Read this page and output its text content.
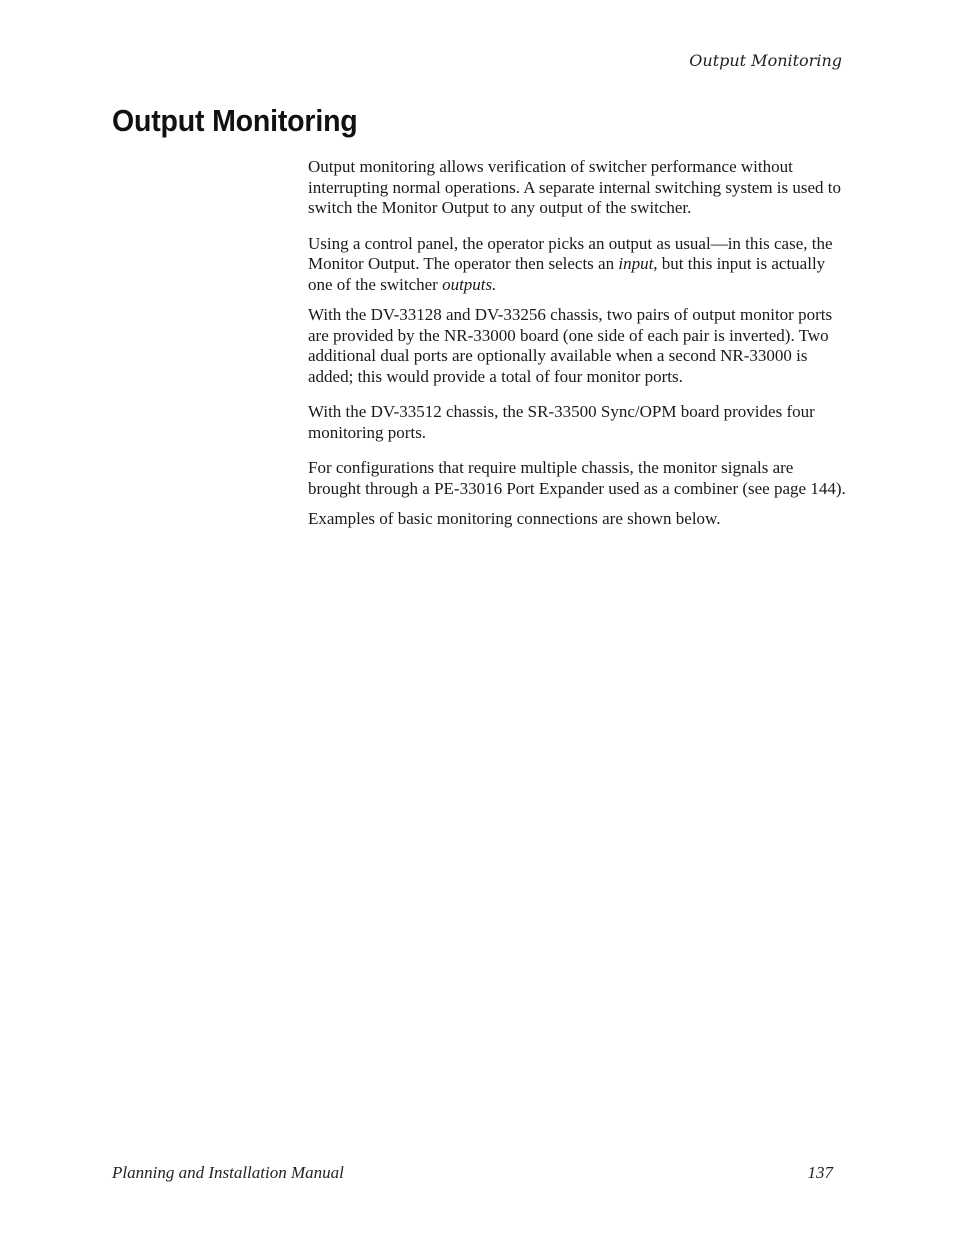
Output Monitoring
Output Monitoring

Output monitoring allows verification of switcher performance without interrupting normal operations. A separate internal switching system is used to switch the Monitor Output to any output of the switcher.

Using a control panel, the operator picks an output as usual—in this case, the Monitor Output. The operator then selects an input, but this input is actually one of the switcher outputs.

With the DV-33128 and DV-33256 chassis, two pairs of output monitor ports are provided by the NR-33000 board (one side of each pair is inverted). Two additional dual ports are optionally available when a second NR-33000 is added; this would provide a total of four monitor ports.

With the DV-33512 chassis, the SR-33500 Sync/OPM board provides four monitoring ports.

For configurations that require multiple chassis, the monitor signals are brought through a PE-33016 Port Expander used as a combiner (see page 144).

Examples of basic monitoring connections are shown below.

Planning and Installation Manual	137
